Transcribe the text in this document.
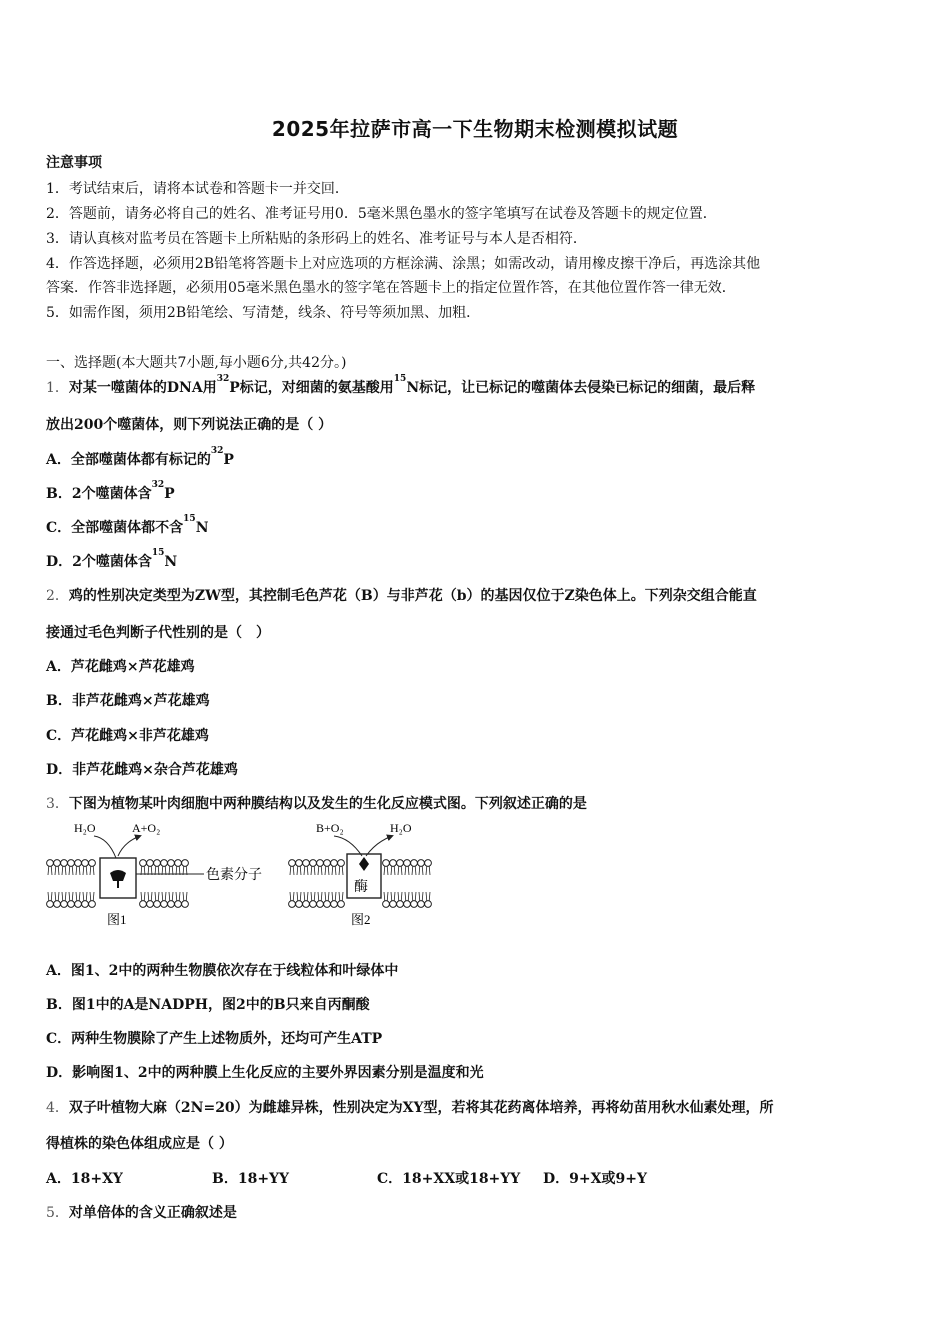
2025年拉萨市高一下生物期末检测模拟试题
注意事项
1．考试结束后，请将本试卷和答题卡一并交回．
2．答题前，请务必将自己的姓名、准考证号用0．5毫米黑色墨水的签字笔填写在试卷及答题卡的规定位置．
3．请认真核对监考员在答题卡上所粘贴的条形码上的姓名、准考证号与本人是否相符．
4．作答选择题，必须用2B铅笔将答题卡上对应选项的方框涂满、涂黑；如需改动，请用橡皮擦干净后，再选涂其他
答案．作答非选择题，必须用05毫米黑色墨水的签字笔在答题卡上的指定位置作答，在其他位置作答一律无效．
5．如需作图，须用2B铅笔绘、写清楚，线条、符号等须加黑、加粗．
一、选择题(本大题共7小题,每小题6分,共42分。)
1．对某一噬菌体的DNA用$^{32}$P标记，对细菌的氨基酸用$^{15}$N标记，让已标记的噬菌体去侵染已标记的细菌，最后释
放出200个噬菌体，则下列说法正确的是（ ）
A．全部噬菌体都有标记的$^{32}$P
B．2个噬菌体含$^{32}$P
C．全部噬菌体都不含$^{15}$N
D．2个噬菌体含$^{15}$N
2．鸡的性别决定类型为ZW型，其控制毛色芦花（B）与非芦花（b）的基因仅位于Z染色体上。下列杂交组合能直
接通过毛色判断子代性别的是（　）
A．芦花雌鸡×芦花雄鸡
B．非芦花雌鸡×芦花雄鸡
C．芦花雌鸡×非芦花雄鸡
D．非芦花雌鸡×杂合芦花雄鸡
3．下图为植物某叶肉细胞中两种膜结构以及发生的生化反应模式图。下列叙述正确的是
H₂O	A+O₂
色素分子
图1
B+O₂	H₂O
酶
图2
A．图1、2中的两种生物膜依次存在于线粒体和叶绿体中
B．图1中的A是NADPH，图2中的B只来自丙酮酸
C．两种生物膜除了产生上述物质外，还均可产生ATP
D．影响图1、2中的两种膜上生化反应的主要外界因素分别是温度和光
4．双子叶植物大麻（2N=20）为雌雄异株，性别决定为XY型，若将其花药离体培养，再将幼苗用秋水仙素处理，所
得植株的染色体组成应是（ ）
A．18+XY	B．18+YY	C．18+XX或18+YY D．9+X或9+Y
5．对单倍体的含义正确叙述是
